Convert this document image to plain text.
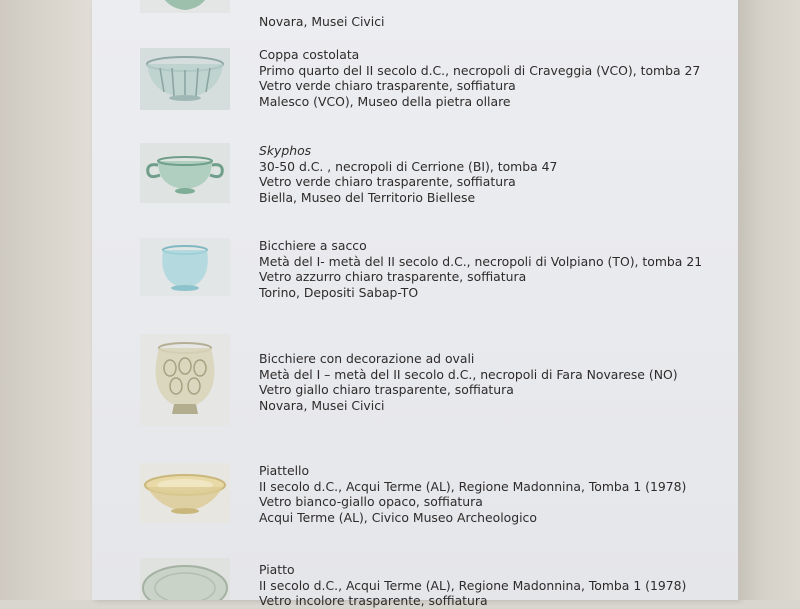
Novara, Musei Civici
Coppa costolata
Primo quarto del II secolo d.C., necropoli di Craveggia (VCO), tomba 27
Vetro verde chiaro trasparente, soffiatura
Malesco (VCO), Museo della pietra ollare
Skyphos
30-50 d.C. , necropoli di Cerrione (BI), tomba 47
Vetro verde chiaro trasparente, soffiatura
Biella, Museo del Territorio Biellese
Bicchiere a sacco
Metà del I- metà del II secolo d.C., necropoli di Volpiano (TO), tomba 21
Vetro azzurro chiaro trasparente, soffiatura
Torino, Depositi Sabap-TO
Bicchiere con decorazione ad ovali
Metà del I – metà del II secolo d.C., necropoli di Fara Novarese (NO)
Vetro giallo chiaro trasparente, soffiatura
Novara, Musei Civici
Piattello
II secolo d.C., Acqui Terme (AL), Regione Madonnina, Tomba 1 (1978)
Vetro bianco-giallo opaco, soffiatura
Acqui Terme (AL), Civico Museo Archeologico
Piatto
II secolo d.C., Acqui Terme (AL), Regione Madonnina, Tomba 1 (1978)
Vetro incolore trasparente, soffiatura
